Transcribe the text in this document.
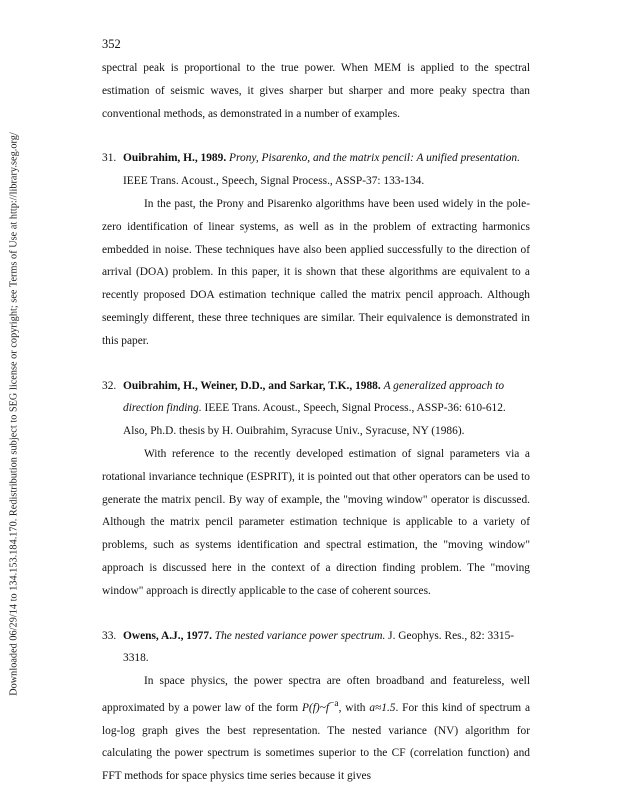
352
Downloaded 06/29/14 to 134.153.184.170. Redistribution subject to SEG license or copyright; see Terms of Use at http://library.seg.org/

spectral peak is proportional to the true power. When MEM is applied to the spectral estimation of seismic waves, it gives sharper but sharper and more peaky spectra than conventional methods, as demonstrated in a number of examples.

31. Ouibrahim, H., 1989. Prony, Pisarenko, and the matrix pencil: A unified presentation. IEEE Trans. Acoust., Speech, Signal Process., ASSP-37: 133-134.

In the past, the Prony and Pisarenko algorithms have been used widely in the pole-zero identification of linear systems, as well as in the problem of extracting harmonics embedded in noise. These techniques have also been applied successfully to the direction of arrival (DOA) problem. In this paper, it is shown that these algorithms are equivalent to a recently proposed DOA estimation technique called the matrix pencil approach. Although seemingly different, these three techniques are similar. Their equivalence is demonstrated in this paper.

32. Ouibrahim, H., Weiner, D.D., and Sarkar, T.K., 1988. A generalized approach to direction finding. IEEE Trans. Acoust., Speech, Signal Process., ASSP-36: 610-612. Also, Ph.D. thesis by H. Ouibrahim, Syracuse Univ., Syracuse, NY (1986).

With reference to the recently developed estimation of signal parameters via a rotational invariance technique (ESPRIT), it is pointed out that other operators can be used to generate the matrix pencil. By way of example, the "moving window" operator is discussed. Although the matrix pencil parameter estimation technique is applicable to a variety of problems, such as systems identification and spectral estimation, the "moving window" approach is discussed here in the context of a direction finding problem. The "moving window" approach is directly applicable to the case of coherent sources.

33. Owens, A.J., 1977. The nested variance power spectrum. J. Geophys. Res., 82: 3315-3318.

In space physics, the power spectra are often broadband and featureless, well approximated by a power law of the form $P(f)\sim f^{-a}$, with a≈1.5. For this kind of spectrum a log-log graph gives the best representation. The nested variance (NV) algorithm for calculating the power spectrum is sometimes superior to the CF (correlation function) and FFT methods for space physics time series because it gives
